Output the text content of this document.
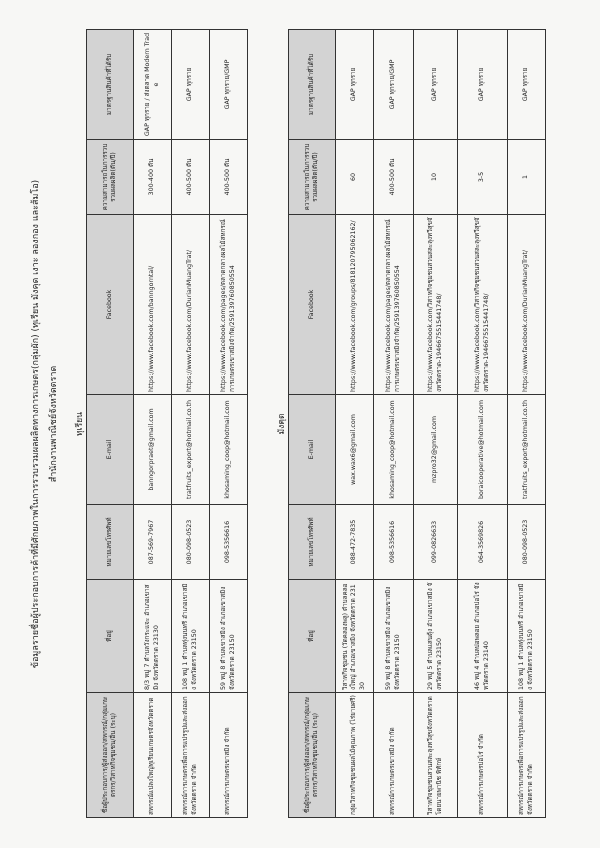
ข้อมูลรายชื่อผู้ประกอบการค้าที่มีศักยภาพในการรวบรวมผลผลิตทางการเกษตร(กลุ่มผัก) (ทุเรียน มังคุด เงาะ ลองกอง และส้มโอ) สำนักงานพาณิชย์จังหวัดตราด	ทุเรียน
ชื่อผู้ประกอบการ/ผู้ส่งออก/สหกรณ์/กลุ่มเกษตรกร/วิสาหกิจชุมชน/อื่น (ระบุ)	ที่อยู่	หมายเลขโทรศัพท์	E-mail	Facebook	ความสามารถในการรวบรวมผลผลิต(ตัน/ปี)	มาตรฐานสินค้าที่ได้รับ
สหกรณ์แปลงใหญ่ทุเรียนเกษตรจังหวัดตราด	8/3 หมู่ 7 ตำบลวังกระแจะ อำเภอเขาสมิง จังหวัดตราด 23130	087-569-7967	banngorpraet@gmail.com	https://www.facebook.com/banngorntal/	300-400 ตัน	GAP ทุกราย / ส่งตลาด Modern Trade
สหกรณ์การเกษตรเพื่อการแปรรูปและส่งออก จังหวัดตราด จำกัด	108 หมู่ 1 ตำบลทุ่งนนทรี อำเภอเขาสมิง จังหวัดตราด 23150	080-098-0523	tratfruits_export@hotmail.co.th	https://www.facebook.com/DurianMuangTrat/	400-500 ตัน	GAP ทุกราย
สหกรณ์การเกษตรเขาสมิง จำกัด	59 หมู่ 8 ตำบลเขาสมิง อำเภอเขาสมิง จังหวัดตราด 23150	098-5356616	khosaming_coop@hotmail.com	https://www.facebook.com/pages/ตลาดกลางผลไม้สหกรณ์การเกษตรเขาสมิงจำกัด/259139760850554	400-500 ตัน	GAP ทุกราย/GMP
มังคุด
ชื่อผู้ประกอบการ/ผู้ส่งออก/สหกรณ์/กลุ่มเกษตรกร/วิสาหกิจชุมชน/อื่น (ระบุ)	ที่อยู่	หมายเลขโทรศัพท์	E-mail	Facebook	ความสามารถในการรวบรวมผลผลิต(ตัน/ปี)	มาตรฐานสินค้าที่ได้รับ
กลุ่มวิสาหกิจชุมชนผลไม้คุณภาพ (ไร่ยายศรี)	วิสาหกิจชุมชน (วัดคลองพลู) ตำบลคลองใหญ่ อำเภอเขาสมิง จังหวัดตราด 23130	088-472-7835	wax.wax6@gmail.com	https://www.facebook.com/groups/818120795062162/	60	GAP ทุกราย
สหกรณ์การเกษตรเขาสมิง จำกัด	59 หมู่ 8 ตำบลเขาสมิง อำเภอเขาสมิง จังหวัดตราด 23150	098-5356616	khosaming_coop@hotmail.com	https://www.facebook.com/pages/ตลาดกลางผลไม้สหกรณ์การเกษตรเขาสมิงจำกัด/259139760850554	400-500 ตัน	GAP ทุกราย/GMP
วิสาหกิจชุมชนสวนสละลุงทวีสุขจังหวัดตราด โดยนายพานิช พิทักษ์	29 หมู่ 5 ตำบลแสนตุ้ง อำเภอเขาสมิง จังหวัดตราด 23150	099-0826633	mzpro32@gmail.com	https://www.facebook.com/วิสาหกิจชุมชนสวนสละลุงทวีสุขจังหวัดตราด-1946675515441748/	10	GAP ทุกราย
สหกรณ์การเกษตรบ่อไร่ จำกัด	46 หมู่ 4 ตำบลบ่อพลอย อำเภอบ่อไร่ จังหวัดตราด 23140	064-3569826	boraicooperative@hotmail.com	https://www.facebook.com/วิสาหกิจชุมชนสวนสละลุงทวีสุขจังหวัดตราด-1946675515441748/	3-5	GAP ทุกราย
สหกรณ์การเกษตรเพื่อการแปรรูปและส่งออก จังหวัดตราด จำกัด	108 หมู่ 1 ตำบลทุ่งนนทรี อำเภอเขาสมิง จังหวัดตราด 23150	080-098-0523	tratfruits_export@hotmail.co.th	https://www.facebook.com/DurianMuangTrat/	1	GAP ทุกราย
